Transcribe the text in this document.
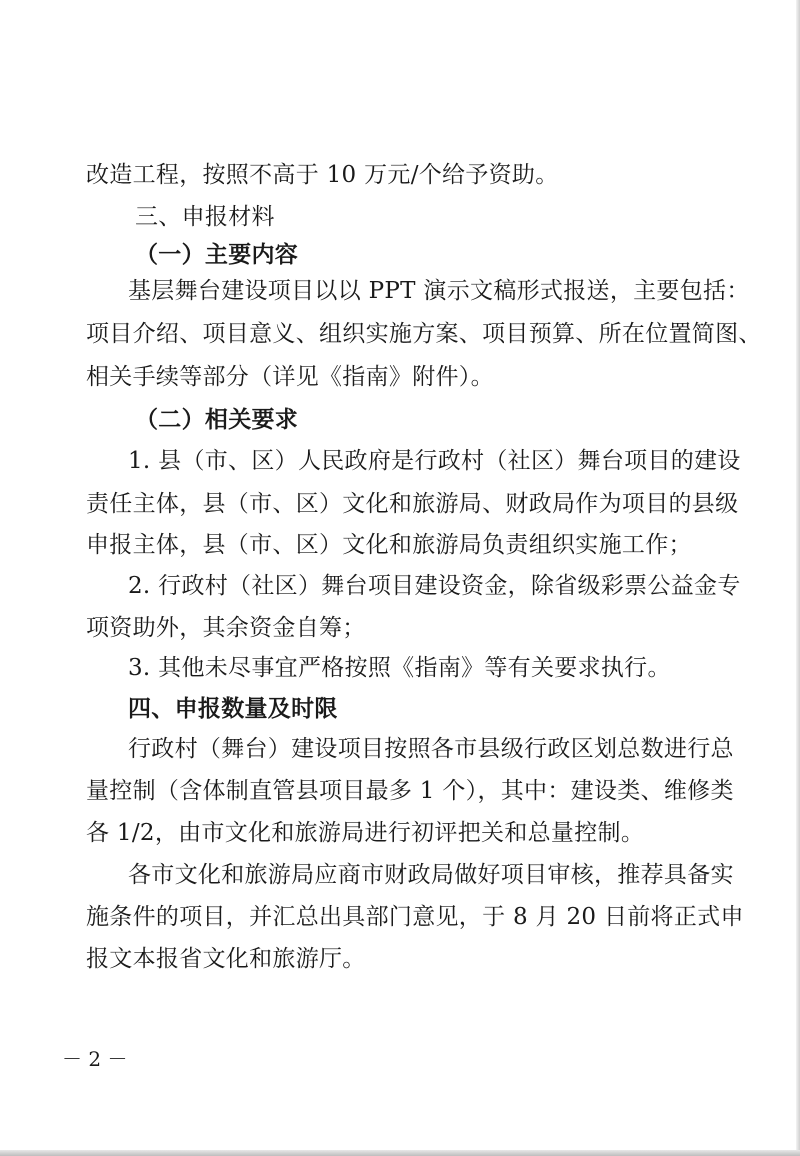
改造工程，按照不高于 10 万元/个给予资助。
三、申报材料
（一）主要内容
基层舞台建设项目以以 PPT 演示文稿形式报送，主要包括：
项目介绍、项目意义、组织实施方案、项目预算、所在位置简图、
相关手续等部分（详见《指南》附件）。
（二）相关要求
1. 县（市、区）人民政府是行政村（社区）舞台项目的建设
责任主体，县（市、区）文化和旅游局、财政局作为项目的县级
申报主体，县（市、区）文化和旅游局负责组织实施工作；
2. 行政村（社区）舞台项目建设资金，除省级彩票公益金专
项资助外，其余资金自筹；
3. 其他未尽事宜严格按照《指南》等有关要求执行。
四、申报数量及时限
行政村（舞台）建设项目按照各市县级行政区划总数进行总
量控制（含体制直管县项目最多 1 个），其中：建设类、维修类
各 1/2，由市文化和旅游局进行初评把关和总量控制。
各市文化和旅游局应商市财政局做好项目审核，推荐具备实
施条件的项目，并汇总出具部门意见，于 8 月 20 日前将正式申
报文本报省文化和旅游厅。
－ 2 －
